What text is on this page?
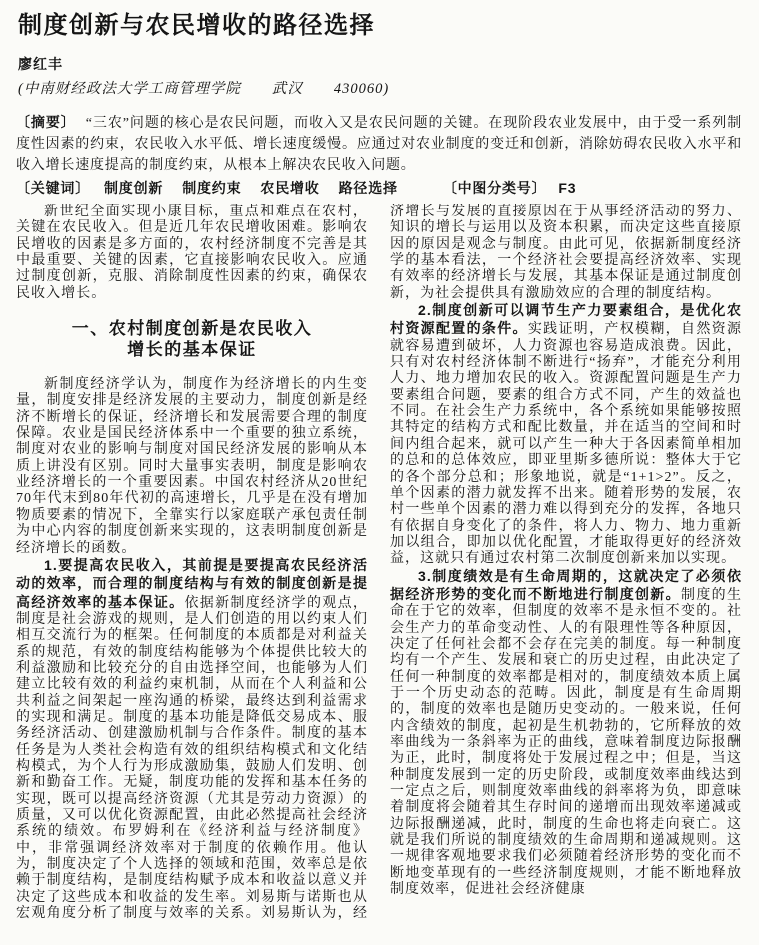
制度创新与农民增收的路径选择
廖红丰
(中南财经政法大学工商管理学院　　武汉　　430060)

〔摘要〕 “三农”问题的核心是农民问题，而收入又是农民问题的关键。在现阶段农业发展中，由于受一系列制度性因素的约束，农民收入水平低、增长速度缓慢。应通过对农业制度的变迁和创新，消除妨碍农民收入水平和收入增长速度提高的制度约束，从根本上解决农民收入问题。

〔关键词〕 制度创新 制度约束 农民增收 路径选择	〔中图分类号〕 F3

新世纪全面实现小康目标，重点和难点在农村，关键在农民收入。但是近几年农民增收困难。影响农民增收的因素是多方面的，农村经济制度不完善是其中最重要、关键的因素，它直接影响农民收入。应通过制度创新，克服、消除制度性因素的约束，确保农民收入增长。

一、农村制度创新是农民收入
增长的基本保证

新制度经济学认为，制度作为经济增长的内生变量，制度安排是经济发展的主要动力，制度创新是经济不断增长的保证，经济增长和发展需要合理的制度保障。农业是国民经济体系中一个重要的独立系统，制度对农业的影响与制度对国民经济发展的影响从本质上讲没有区别。同时大量事实表明，制度是影响农业经济增长的一个重要因素。中国农村经济从20世纪70年代末到80年代初的高速增长，几乎是在没有增加物质要素的情况下，全靠实行以家庭联产承包责任制为中心内容的制度创新来实现的，这表明制度创新是经济增长的函数。

1.要提高农民收入，其前提是要提高农民经济活动的效率，而合理的制度结构与有效的制度创新是提高经济效率的基本保证。依据新制度经济学的观点，制度是社会游戏的规则，是人们创造的用以约束人们相互交流行为的框架。任何制度的本质都是对利益关系的规范，有效的制度结构能够为个体提供比较大的利益激励和比较充分的自由选择空间，也能够为人们建立比较有效的利益约束机制，从而在个人利益和公共利益之间架起一座沟通的桥梁，最终达到利益需求的实现和满足。制度的基本功能是降低交易成本、服务经济活动、创建激励机制与合作条件。制度的基本任务是为人类社会构造有效的组织结构模式和文化结构模式，为个人行为形成激励集，鼓励人们发明、创新和勤奋工作。无疑，制度功能的发挥和基本任务的实现，既可以提高经济资源（尤其是劳动力资源）的质量，又可以优化资源配置，由此必然提高社会经济系统的绩效。布罗姆利在《经济利益与经济制度》中，非常强调经济效率对于制度的依赖作用。他认为，制度决定了个人选择的领域和范围，效率总是依赖于制度结构，是制度结构赋予成本和收益以意义并决定了这些成本和收益的发生率。刘易斯与诺斯也从宏观角度分析了制度与效率的关系。刘易斯认为，经济增长与发展的直接原因在于从事经济活动的努力、知识的增长与运用以及资本积累，而决定这些直接原因的原因是观念与制度。由此可见，依据新制度经济学的基本看法，一个经济社会要提高经济效率、实现有效率的经济增长与发展，其基本保证是通过制度创新，为社会提供具有激励效应的合理的制度结构。

2.制度创新可以调节生产力要素组合，是优化农村资源配置的条件。实践证明，产权模糊，自然资源就容易遭到破坏，人力资源也容易造成浪费。因此，只有对农村经济体制不断进行“扬弃”，才能充分利用人力、地力增加农民的收入。资源配置问题是生产力要素组合问题，要素的组合方式不同，产生的效益也不同。在社会生产力系统中，各个系统如果能够按照其特定的结构方式和配比数量，并在适当的空间和时间内组合起来，就可以产生一种大于各因素简单相加的总和的总体效应，即亚里斯多德所说：整体大于它的各个部分总和；形象地说，就是“1+1>2”。反之，单个因素的潜力就发挥不出来。随着形势的发展，农村一些单个因素的潜力难以得到充分的发挥，各地只有依据自身变化了的条件，将人力、物力、地力重新加以组合，即加以优化配置，才能取得更好的经济效益，这就只有通过农村第二次制度创新来加以实现。

3.制度绩效是有生命周期的，这就决定了必须依据经济形势的变化而不断地进行制度创新。制度的生命在于它的效率，但制度的效率不是永恒不变的。社会生产力的革命变动性、人的有限理性等各种原因，决定了任何社会都不会存在完美的制度。每一种制度均有一个产生、发展和衰亡的历史过程，由此决定了任何一种制度的效率都是相对的，制度绩效本质上属于一个历史动态的范畴。因此，制度是有生命周期的，制度的效率也是随历史变动的。一般来说，任何内含绩效的制度，起初是生机勃勃的，它所释放的效率曲线为一条斜率为正的曲线，意味着制度边际报酬为正，此时，制度将处于发展过程之中；但是，当这种制度发展到一定的历史阶段，或制度效率曲线达到一定点之后，则制度效率曲线的斜率将为负，即意味着制度将会随着其生存时间的递增而出现效率递减或边际报酬递减，此时，制度的生命也将走向衰亡。这就是我们所说的制度绩效的生命周期和递减规则。这一规律客观地要求我们必须随着经济形势的变化而不断地变革现有的一些经济制度规则，才能不断地释放制度效率，促进社会经济健康
